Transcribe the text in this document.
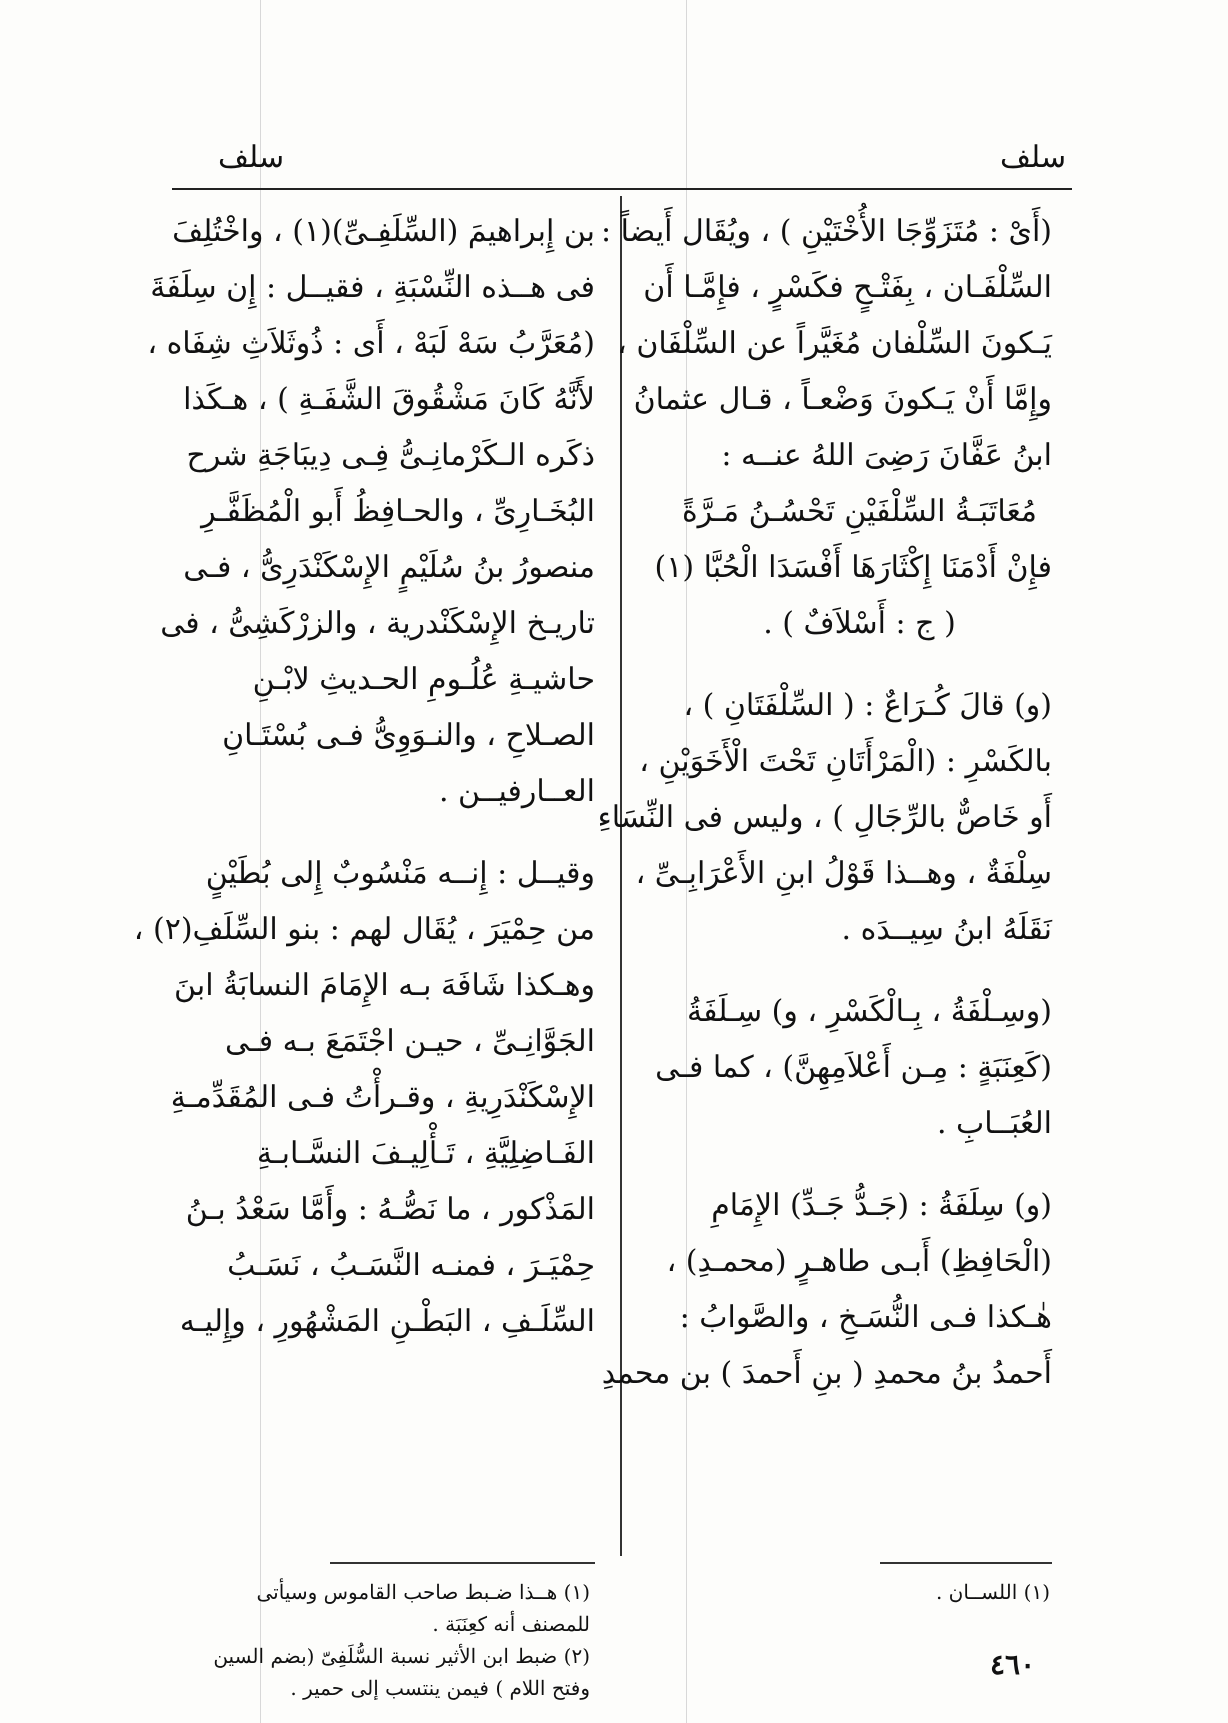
سلف
سلف
(أَىْ : مُتَزَوِّجَا الأُخْتَيْنِ ) ، ويُقَال أَيضاً :
السِّلْفَـان ، بِفَتْـحٍ فكَسْرٍ ، فإِمَّـا أَن
يَـكونَ السِّلْفان مُغَيَّراً عن السِّلْفَان ،
وإِمَّا أَنْ يَـكونَ وَضْعـاً ، قـال عثمانُ
ابنُ عَفَّانَ رَضِىَ اللهُ عنــه :
مُعَاتَبَـةُ السِّلْفَيْنِ تَحْسُـنُ مَـرَّةً
فإِنْ أَدْمَنَا إِكْثَارَهَا أَفْسَدَا الْحُبَّا (١)
( ج : أَسْلاَفٌ ) .
(و) قالَ كُـرَاعٌ : ( السِّلْفَتَانِ ) ،
بالكَسْرِ : (الْمَرْأَتَانِ تَحْتَ الْأَخَوَيْنِ ،
أَو خَاصٌّ بالرِّجَالِ ) ، وليس فى النِّسَاءِ
سِلْفَةٌ ، وهــذا قَوْلُ ابنِ الأَعْرَابِـىِّ ،
نَقَلَهُ ابنُ سِيــدَه .
(وسِـلْفَةُ ، بِـالْكَسْرِ ، و) سِـلَفَةُ
(كَعِنَبَةٍ : مِـن أَعْلاَمِهِنَّ) ، كما فـى
العُبَــابِ .
(و) سِلَفَةُ : (جَـدُّ جَـدِّ) الإِمَامِ
(الْحَافِظِ) أَبـى طاهـرٍ (محمـدِ) ،
هٰـكذا فـى النُّسَـخِ ، والصَّوابُ :
أَحمدُ بنُ محمدِ ( بنِ أَحمدَ ) بن محمدِ
بن إِبراهيمَ (السِّلَفِـىِّ)(١) ، واخْتُلِفَ
فى هــذه النِّسْبَةِ ، فقيــل : إِن سِلَفَةَ
(مُعَرَّبُ سَهْ لَبَهْ ، أَى : ذُوثَلاَثِ شِفَاه ،
لأَنَّهُ كَانَ مَشْقُوقَ الشَّفَـةِ ) ، هـكَذا
ذكَره الـكَرْمانِـىُّ فِـى دِيبَاجَةِ شرح
البُخَـارِىِّ ، والحـافِظُ أَبو الْمُظَفَّـرِ
منصورُ بنُ سُلَيْمٍ الإِسْكَنْدَرِىُّ ، فـى
تاريـخ الإِسْكَنْدرية ، والزرْكَشِىُّ ، فى
حاشيـةِ عُلُـومِ الحـديثِ لابْـنِ
الصـلاحِ ، والنـوَوِىُّ فـى بُسْتَـانِ
العــارفيــن .
وقيــل : إِنــه مَنْسُوبٌ إِلى بُطَيْنٍ
من حِمْيَرَ ، يُقَال لهم : بنو السِّلَفِ(٢) ،
وهـكذا شَافَهَ بـه الإِمَامَ النسابَةُ ابنَ
الجَوَّانِـىِّ ، حيـن اجْتَمَعَ بـه فـى
الإِسْكَنْدَرِيةِ ، وقـرأْتُ فـى المُقَدِّمـةِ
الفَـاضِلِيَّةِ ، تَـأْلِيـفَ النسَّـابـةِ
المَذْكور ، ما نَصُّـهُ : وأَمَّا سَعْدُ بـنُ
حِمْيَـرَ ، فمنـه النَّسَـبُ ، نَسَـبُ
السِّلَـفِ ، البَطْـنِ المَشْهُورِ ، وإِليـه
(١) هــذا ضـبط صاحب القاموس وسيأتى
للمصنف أنه كعِنَبَة .
(٢) ضبط ابن الأثير نسبة السُّلَفِىّ (بضم السين
وفتح اللام ) فيمن ينتسب إلى حمير .
(١) اللســان .
٤٦٠
